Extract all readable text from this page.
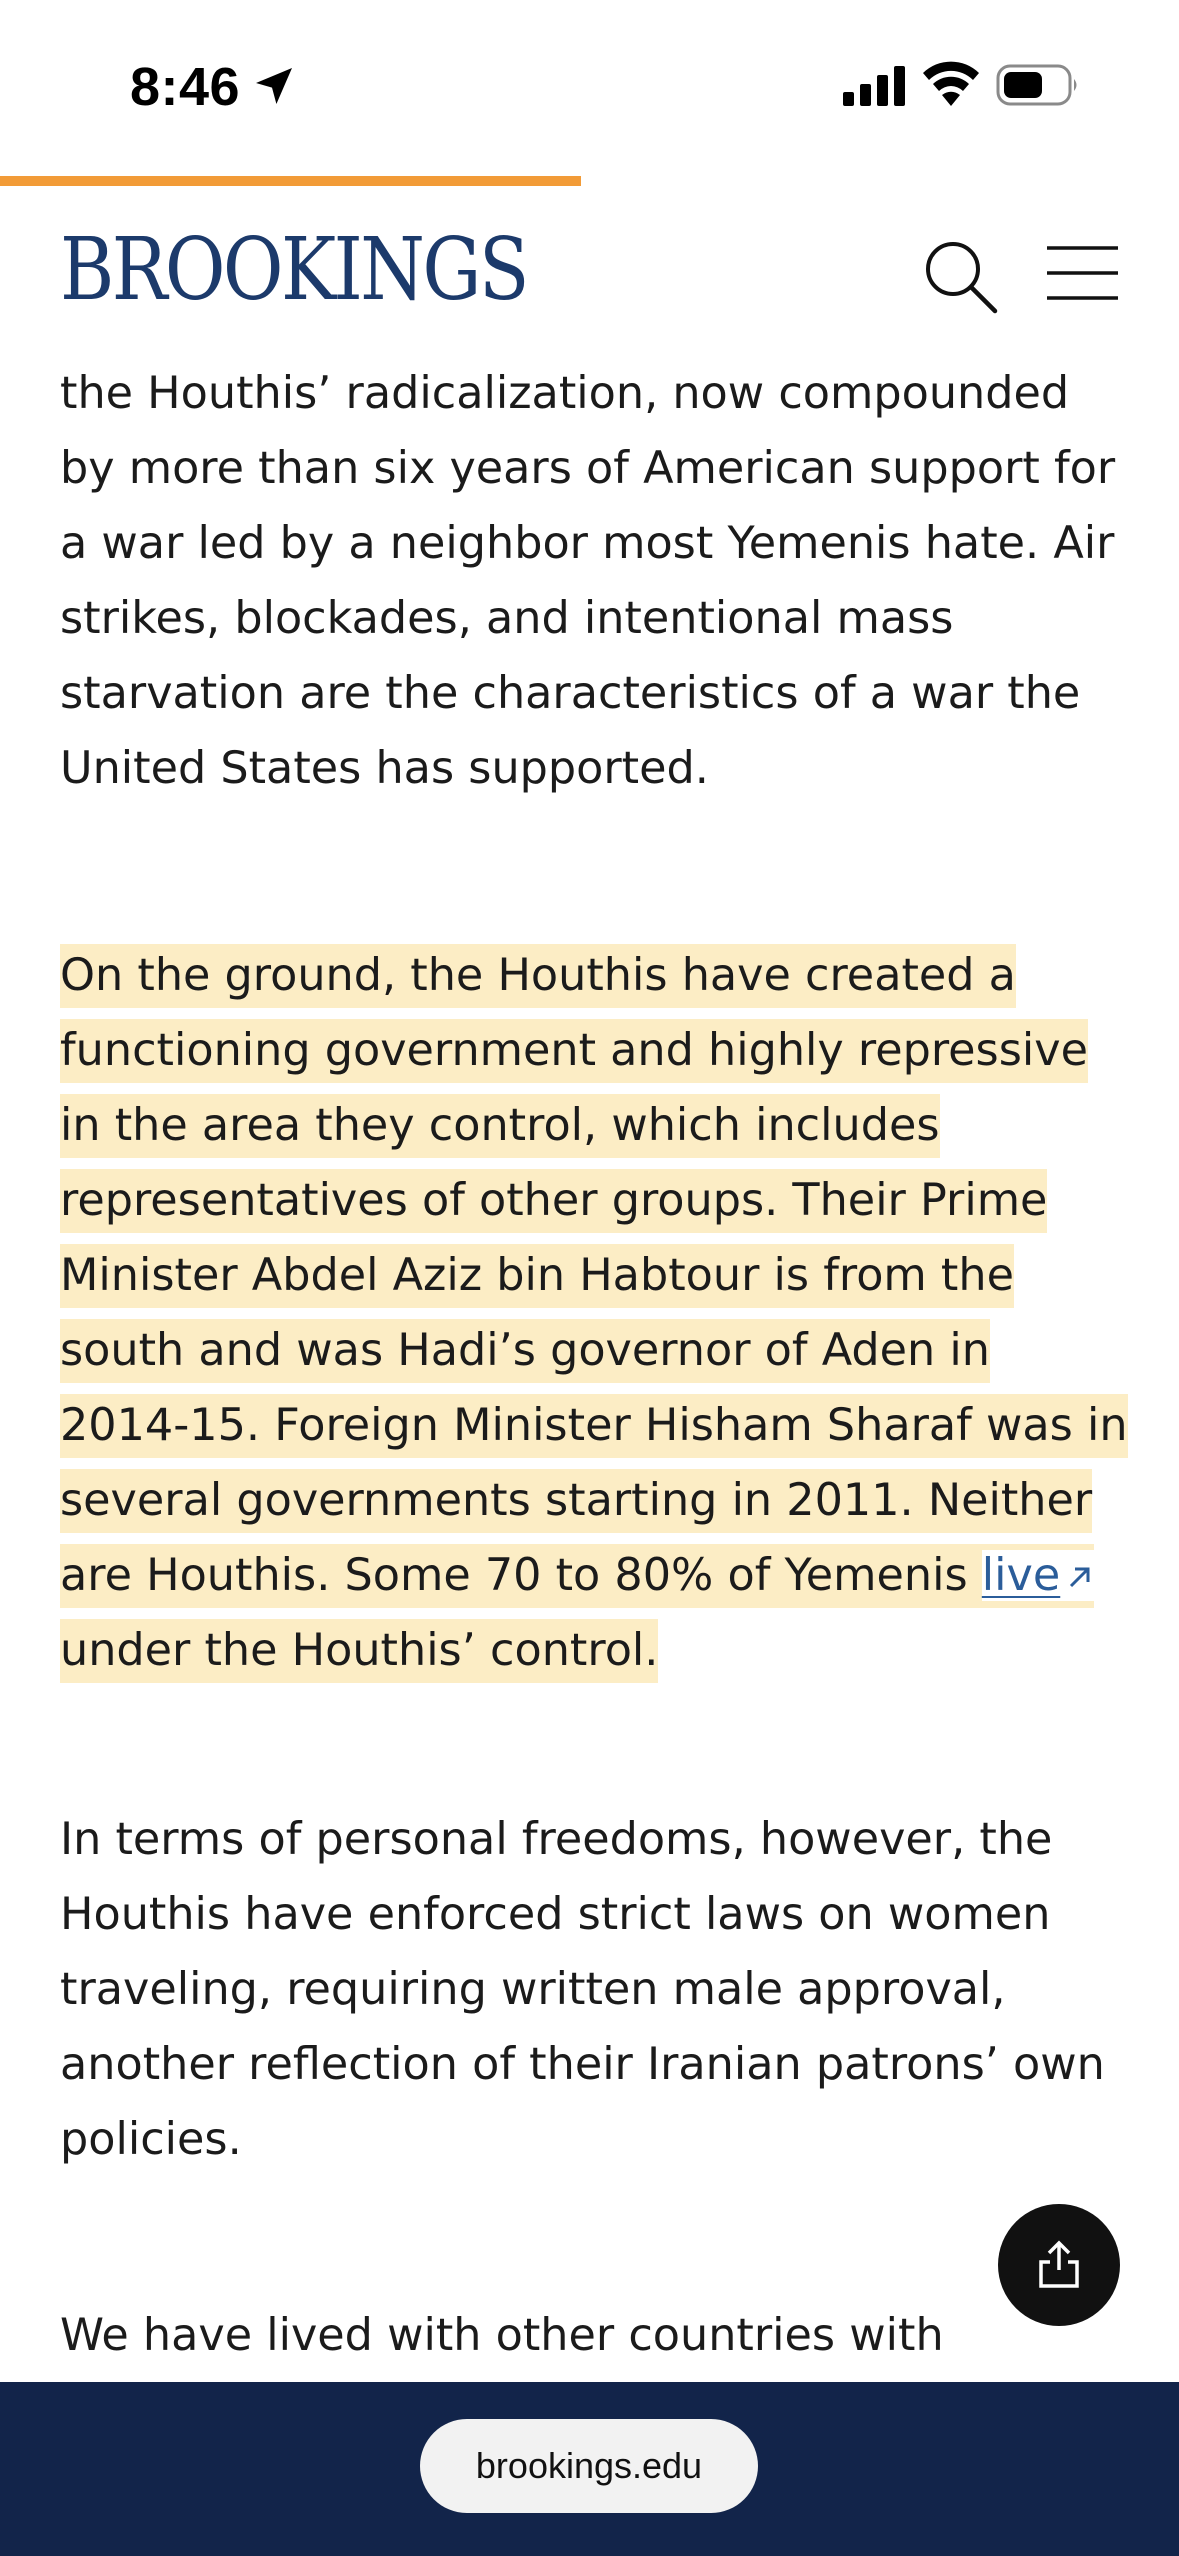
8:46
BROOKINGS

the Houthis’ radicalization, now compounded by more than six years of American support for a war led by a neighbor most Yemenis hate. Air strikes, blockades, and intentional mass starvation are the characteristics of a war the United States has supported.

On the ground, the Houthis have created a functioning government and highly repressive in the area they control, which includes representatives of other groups. Their Prime Minister Abdel Aziz bin Habtour is from the south and was Hadi’s governor of Aden in 2014-15. Foreign Minister Hisham Sharaf was in several governments starting in 2011. Neither are Houthis. Some 70 to 80% of Yemenis live under the Houthis’ control.

In terms of personal freedoms, however, the Houthis have enforced strict laws on women traveling, requiring written male approval, another reflection of their Iranian patrons’ own policies.

We have lived with other countries with

brookings.edu
